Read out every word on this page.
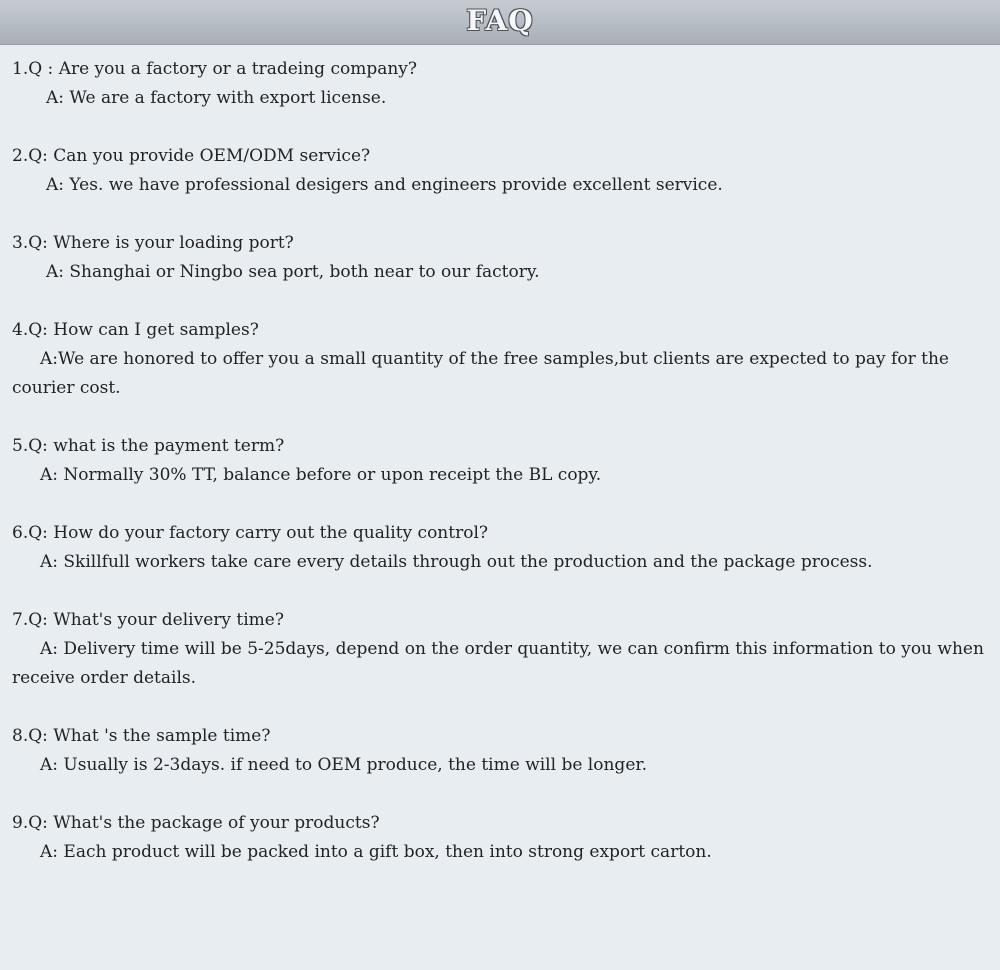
FAQ
1.Q : Are you a factory or a tradeing company?
A: We are a factory with export license.
2.Q: Can you provide OEM/ODM service?
A: Yes. we have professional desigers and engineers provide excellent service.
3.Q: Where is your loading port?
A: Shanghai or Ningbo sea port, both near to our factory.
4.Q: How can I get samples?
A:We are honored to offer you a small quantity of the free samples,but clients are expected to pay for the courier cost.
5.Q: what is the payment term?
A: Normally 30% TT, balance before or upon receipt the BL copy.
6.Q: How do your factory carry out the quality control?
A: Skillfull workers take care every details through out the production and the package process.
7.Q: What's your delivery time?
A: Delivery time will be 5-25days, depend on the order quantity, we can confirm this information to you when receive order details.
8.Q: What 's the sample time?
A: Usually is 2-3days. if need to OEM produce, the time will be longer.
9.Q: What's the package of your products?
A: Each product will be packed into a gift box, then into strong export carton.
